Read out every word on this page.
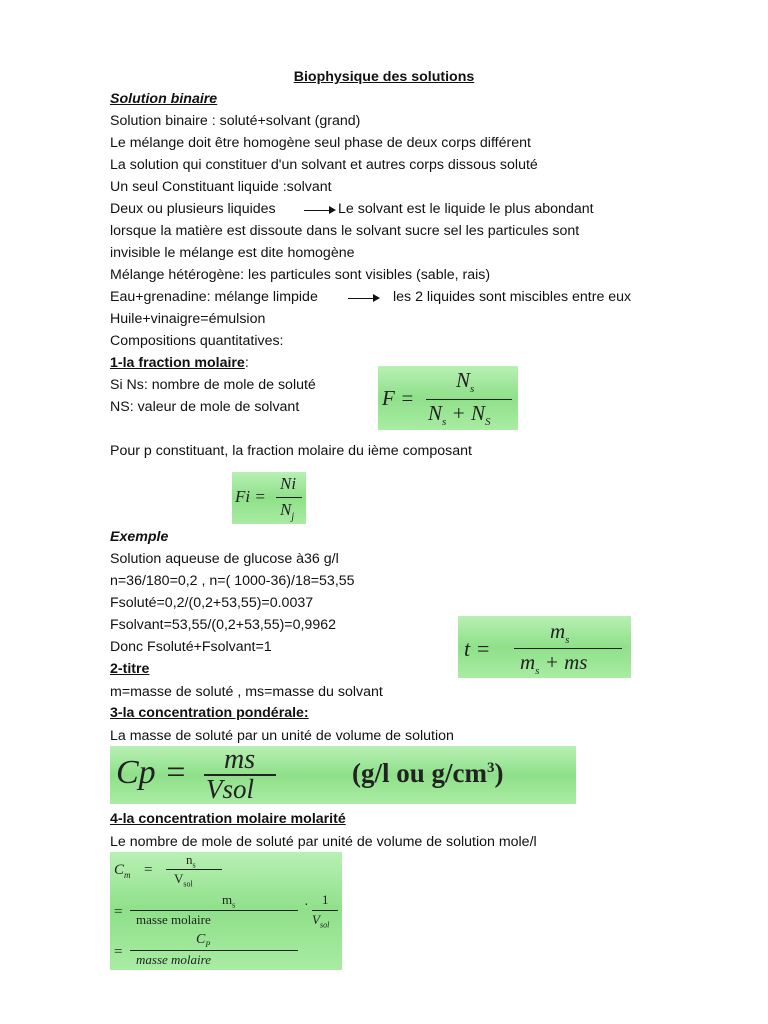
Biophysique des solutions
Solution binaire
Solution binaire : soluté+solvant (grand)
Le mélange doit être homogène seul phase de deux corps différent
La solution qui constituer d'un solvant et autres corps dissous soluté
Un seul Constituant liquide :solvant
Deux ou plusieurs liquides	Le solvant est le liquide le plus abondant
lorsque la matière est dissoute dans le solvant sucre sel les particules sont
invisible le mélange est dite homogène
Mélange hétérogène: les particules sont visibles (sable, rais)
Eau+grenadine: mélange limpide	les 2 liquides sont miscibles entre eux
Huile+vinaigre=émulsion
Compositions quantitatives:
1-la fraction molaire:
Si Ns: nombre de mole de soluté
NS: valeur de mole de solvant	F =
$N_s$
$N_s + N_S$
Pour p constituant, la fraction molaire du ième composant
Fi =
Ni
$N_j$
Exemple
Solution aqueuse de glucose à36 g/l
n=36/180=0,2 , n=( 1000-36)/18=53,55
Fsoluté=0,2/(0,2+53,55)=0.0037
Fsolvant=53,55/(0,2+53,55)=0,9962
Donc Fsoluté+Fsolvant=1	t =
$m_s$
$m_s$ + ms
2-titre
m=masse de soluté , ms=masse du solvant
3-la concentration pondérale:
La masse de soluté par un unité de volume de solution
Cp = ms
Vsol
(g/l ou $g/cm^3$)
4-la concentration molaire molarité
Le nombre de mole de soluté par unité de volume de solution mole/l
$C_m$ =
$n_s$
$V_{sol}$
=
$m_s$
masse molaire
· 1
$V_{sol}$
=
$C_P$
masse molaire
